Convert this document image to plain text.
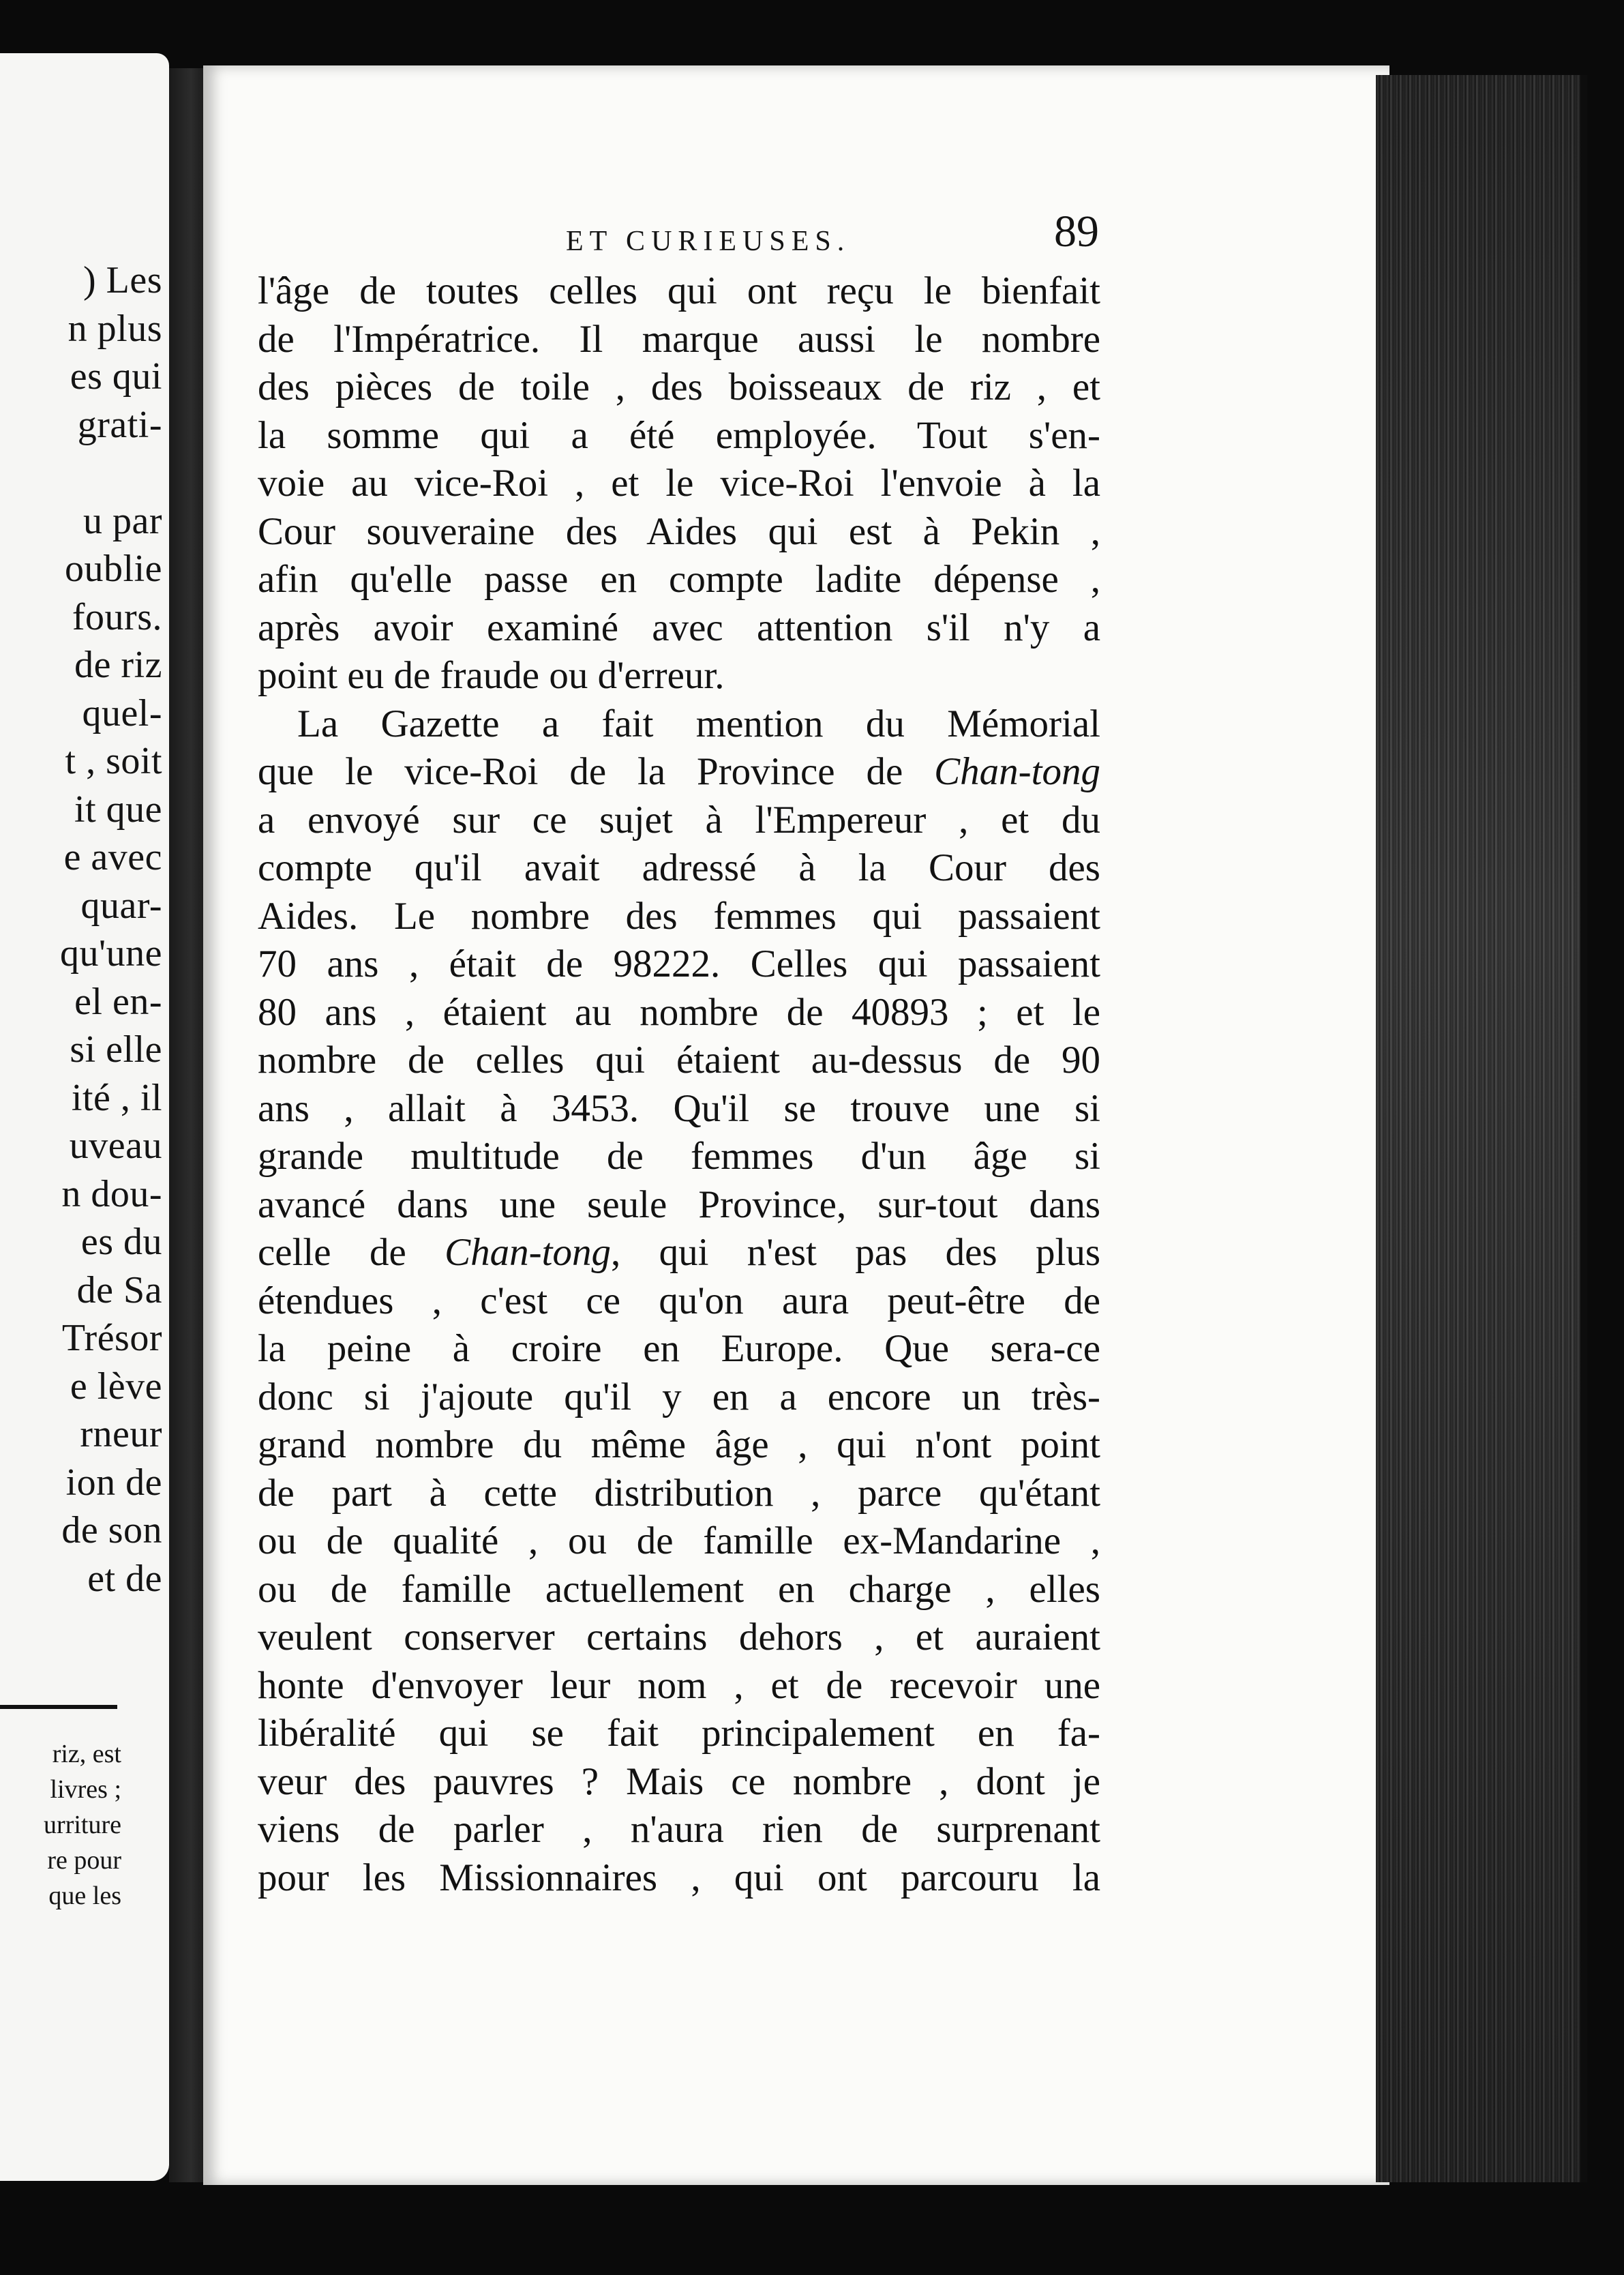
) Les
n plus
es qui
grati-

u par
oublie
fours.
de riz
quel-
t , soit
it que
e avec
quar-
qu'une
el en-
si elle
ité , il
uveau
n dou-
es du
de Sa
Trésor
e lève
rneur
ion de
de son
et de
riz, est
livres ;
urriture
re pour
que les
ET CURIEUSES.	89
l'âge de toutes celles qui ont reçu le bienfait
de l'Impératrice. Il marque aussi le nombre
des pièces de toile , des boisseaux de riz , et
la somme qui a été employée. Tout s'en-
voie au vice-Roi , et le vice-Roi l'envoie à la
Cour souveraine des Aides qui est à Pekin ,
afin qu'elle passe en compte ladite dépense ,
après avoir examiné avec attention s'il n'y a
point eu de fraude ou d'erreur.
La Gazette a fait mention du Mémorial
que le vice-Roi de la Province de Chan-tong
a envoyé sur ce sujet à l'Empereur , et du
compte qu'il avait adressé à la Cour des
Aides. Le nombre des femmes qui passaient
70 ans , était de 98222. Celles qui passaient
80 ans , étaient au nombre de 40893 ; et le
nombre de celles qui étaient au-dessus de 90
ans , allait à 3453. Qu'il se trouve une si
grande multitude de femmes d'un âge si
avancé dans une seule Province, sur-tout dans
celle de Chan-tong, qui n'est pas des plus
étendues , c'est ce qu'on aura peut-être de
la peine à croire en Europe. Que sera-ce
donc si j'ajoute qu'il y en a encore un très-
grand nombre du même âge , qui n'ont point
de part à cette distribution , parce qu'étant
ou de qualité , ou de famille ex-Mandarine ,
ou de famille actuellement en charge , elles
veulent conserver certains dehors , et auraient
honte d'envoyer leur nom , et de recevoir une
libéralité qui se fait principalement en fa-
veur des pauvres ? Mais ce nombre , dont je
viens de parler , n'aura rien de surprenant
pour les Missionnaires , qui ont parcouru la
